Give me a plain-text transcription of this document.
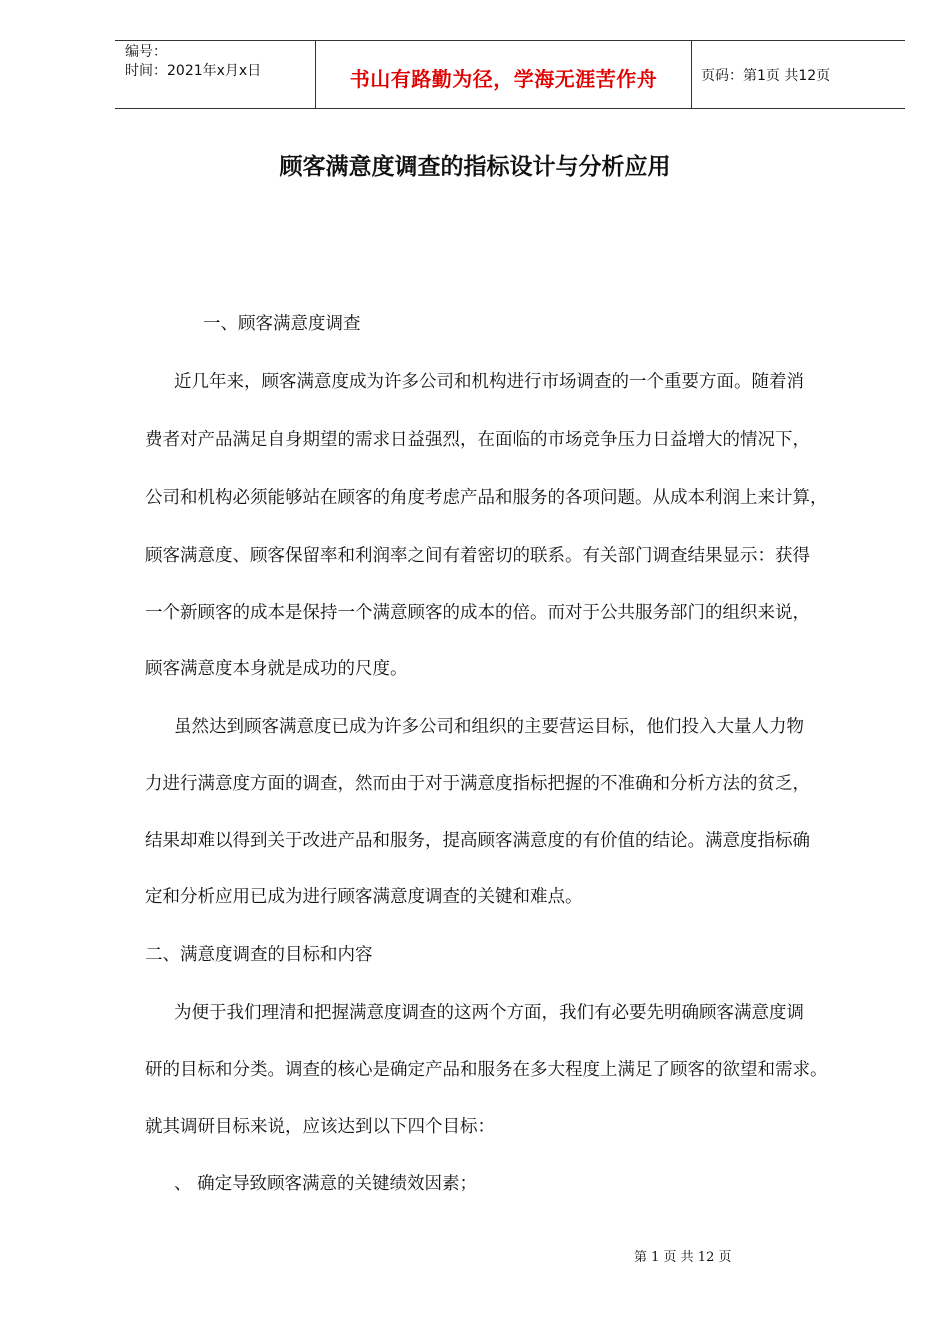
编号：
时间：2021年x月x日	书山有路勤为径，学海无涯苦作舟	页码：第1页 共12页
顾客满意度调查的指标设计与分析应用
一、顾客满意度调查
近几年来，顾客满意度成为许多公司和机构进行市场调查的一个重要方面。随着消
费者对产品满足自身期望的需求日益强烈，在面临的市场竞争压力日益增大的情况下，
公司和机构必须能够站在顾客的角度考虑产品和服务的各项问题。从成本利润上来计算，
顾客满意度、顾客保留率和利润率之间有着密切的联系。有关部门调查结果显示：获得
一个新顾客的成本是保持一个满意顾客的成本的倍。而对于公共服务部门的组织来说，
顾客满意度本身就是成功的尺度。
虽然达到顾客满意度已成为许多公司和组织的主要营运目标，他们投入大量人力物
力进行满意度方面的调查，然而由于对于满意度指标把握的不准确和分析方法的贫乏，
结果却难以得到关于改进产品和服务，提高顾客满意度的有价值的结论。满意度指标确
定和分析应用已成为进行顾客满意度调查的关键和难点。
二、满意度调查的目标和内容
为便于我们理清和把握满意度调查的这两个方面，我们有必要先明确顾客满意度调
研的目标和分类。调查的核心是确定产品和服务在多大程度上满足了顾客的欲望和需求。
就其调研目标来说，应该达到以下四个目标：
、 确定导致顾客满意的关键绩效因素；
第 1 页 共 12 页
